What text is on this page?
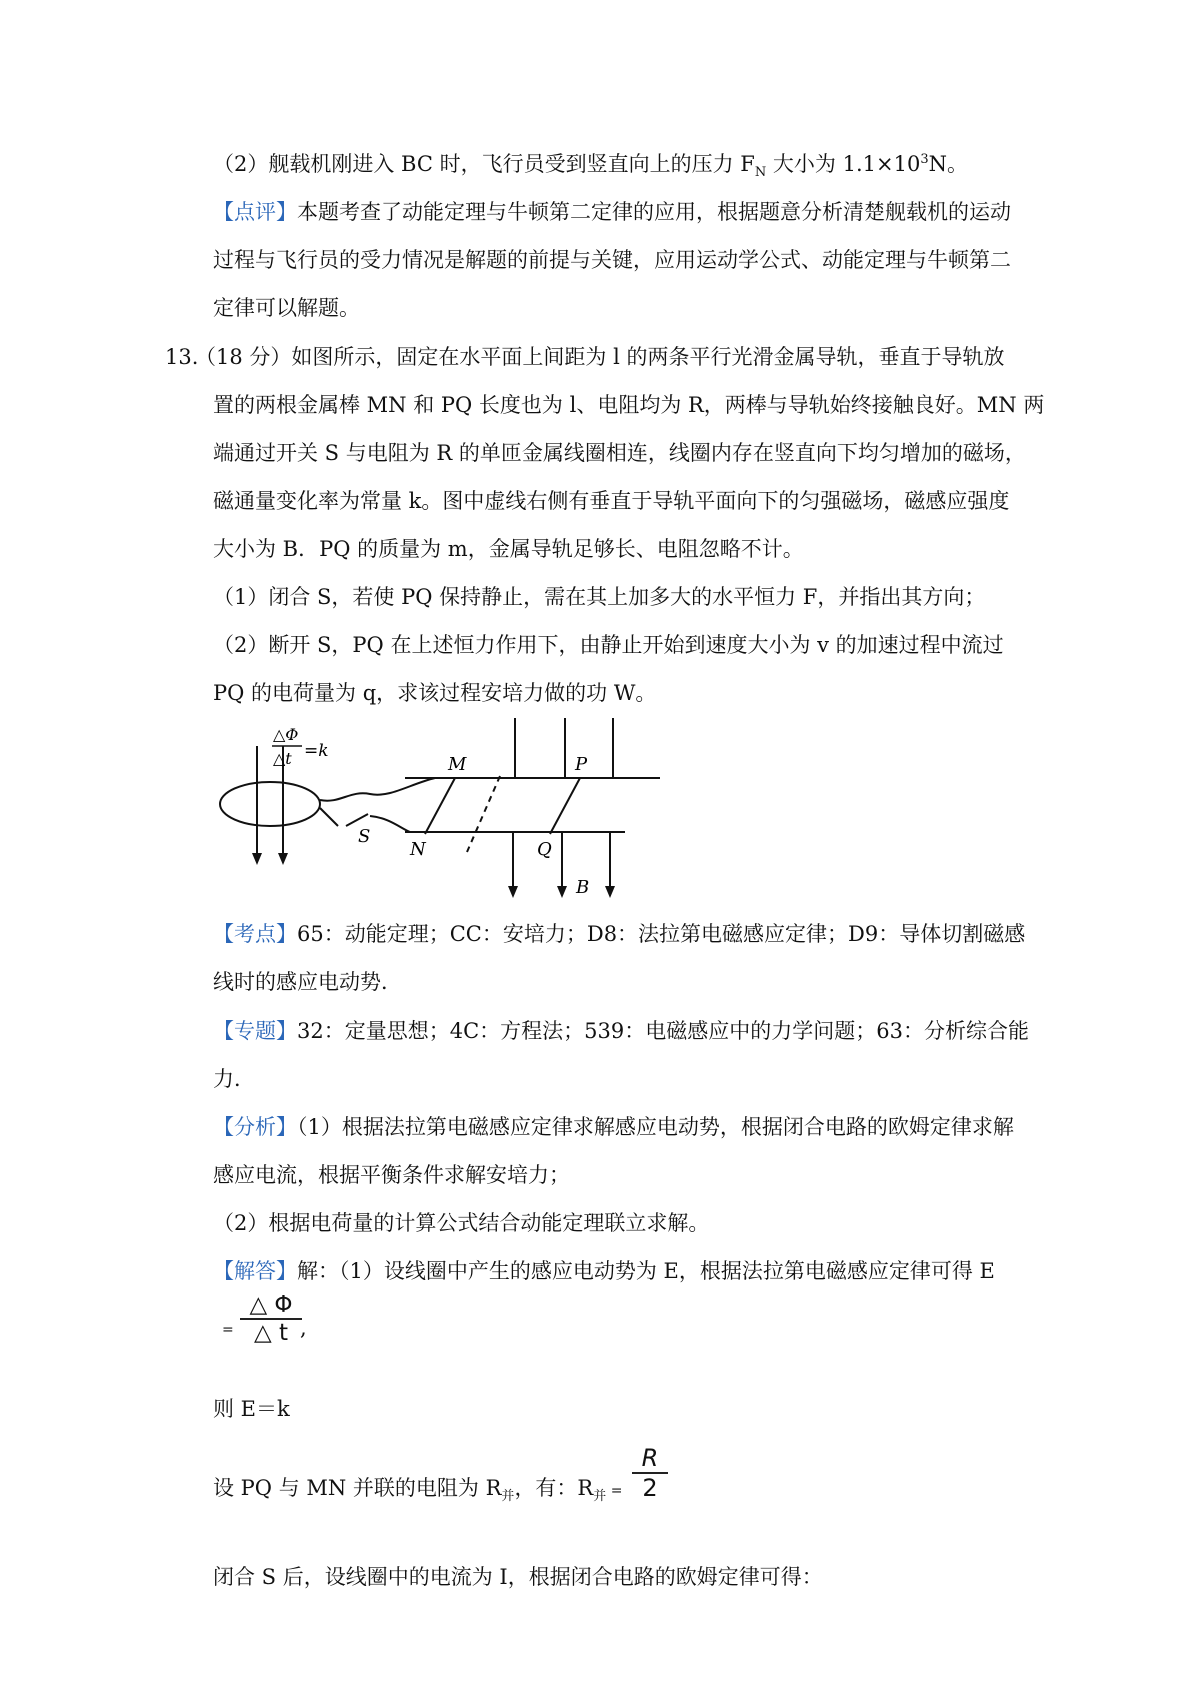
（2）舰载机刚进入 BC 时，飞行员受到竖直向上的压力 $F_N$ 大小为 $1.1\times 10^3N$。
【点评】本题考查了动能定理与牛顿第二定律的应用，根据题意分析清楚舰载机的运动
过程与飞行员的受力情况是解题的前提与关键，应用运动学公式、动能定理与牛顿第二
定律可以解题。
13.
（18 分）如图所示，固定在水平面上间距为 l 的两条平行光滑金属导轨，垂直于导轨放
置的两根金属棒 MN 和 PQ 长度也为 l、电阻均为 R，两棒与导轨始终接触良好。MN 两
端通过开关 S 与电阻为 R 的单匝金属线圈相连，线圈内存在竖直向下均匀增加的磁场，
磁通量变化率为常量 k。图中虚线右侧有垂直于导轨平面向下的匀强磁场，磁感应强度
大小为 B．PQ 的质量为 m，金属导轨足够长、电阻忽略不计。
（1）闭合 S，若使 PQ 保持静止，需在其上加多大的水平恒力 F，并指出其方向；
（2）断开 S，PQ 在上述恒力作用下，由静止开始到速度大小为 v 的加速过程中流过
PQ 的电荷量为 q，求该过程安培力做的功 W。
△Φ
△t =k
M
N
P
Q
S
B
【考点】65：动能定理；CC：安培力；D8：法拉第电磁感应定律；D9：导体切割磁感
线时的感应电动势．
【专题】32：定量思想；4C：方程法；539：电磁感应中的力学问题；63：分析综合能
力．
【分析】（1）根据法拉第电磁感应定律求解感应电动势，根据闭合电路的欧姆定律求解
感应电流，根据平衡条件求解安培力；
（2）根据电荷量的计算公式结合动能定理联立求解。
【解答】解：（1）设线圈中产生的感应电动势为 E，根据法拉第电磁感应定律可得 E
=
△ Φ
△ t ,
则 E＝k
设 PQ 与 MN 并联的电阻为 $R_并$，有：$R_并$ =
R
2
闭合 S 后，设线圈中的电流为 I，根据闭合电路的欧姆定律可得：
